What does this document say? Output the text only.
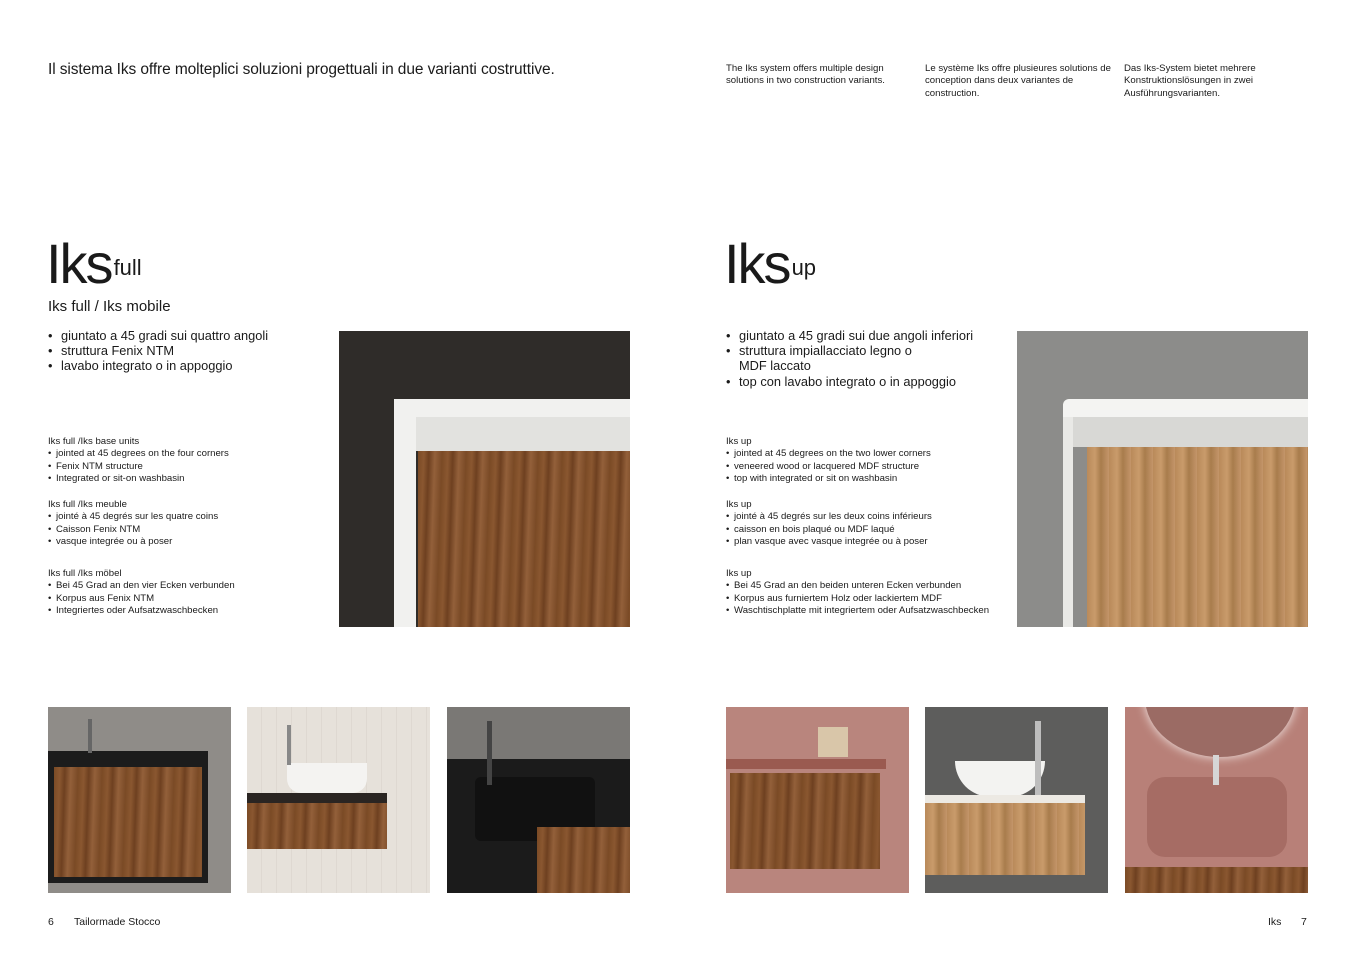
Il sistema Iks offre molteplici soluzioni progettuali in due varianti costruttive.	The Iks system offers multiple design solutions in two construction variants.
Le système Iks offre plusieures solutions de conception dans deux variantes de construction.
Das Iks-System bietet mehrere Konstruktionslösungen in zwei Ausführungsvarianten.
Iks$^{full}$
Iks full / Iks mobile
• giuntato a 45 gradi sui quattro angoli
• struttura Fenix NTM
• lavabo integrato o in appoggio
Iks full /Iks base units
• jointed at 45 degrees on the four corners
• Fenix NTM structure
• Integrated or sit-on washbasin
Iks full /Iks meuble
• jointé à 45 degrés sur les quatre coins
• Caisson Fenix NTM
• vasque integrée ou à poser
Iks full /Iks möbel
• Bei 45 Grad an den vier Ecken verbunden
• Korpus aus Fenix NTM
• Integriertes oder Aufsatzwaschbecken
Iks$^{up}$
• giuntato a 45 gradi sui due angoli inferiori
• struttura impiallacciato legno o MDF laccato
• top con lavabo integrato o in appoggio
Iks up
• jointed at 45 degrees on the two lower corners
• veneered wood or lacquered MDF structure
• top with integrated or sit on washbasin
Iks up
• jointé à 45 degrés sur les deux coins inférieurs
• caisson en bois plaqué ou MDF laqué
• plan vasque avec vasque integrée ou à poser
Iks up
• Bei 45 Grad an den beiden unteren Ecken verbunden
• Korpus aus furniertem Holz oder lackiertem MDF
• Waschtischplatte mit integriertem oder Aufsatzwaschbecken
6 Tailormade Stocco	Iks 7
